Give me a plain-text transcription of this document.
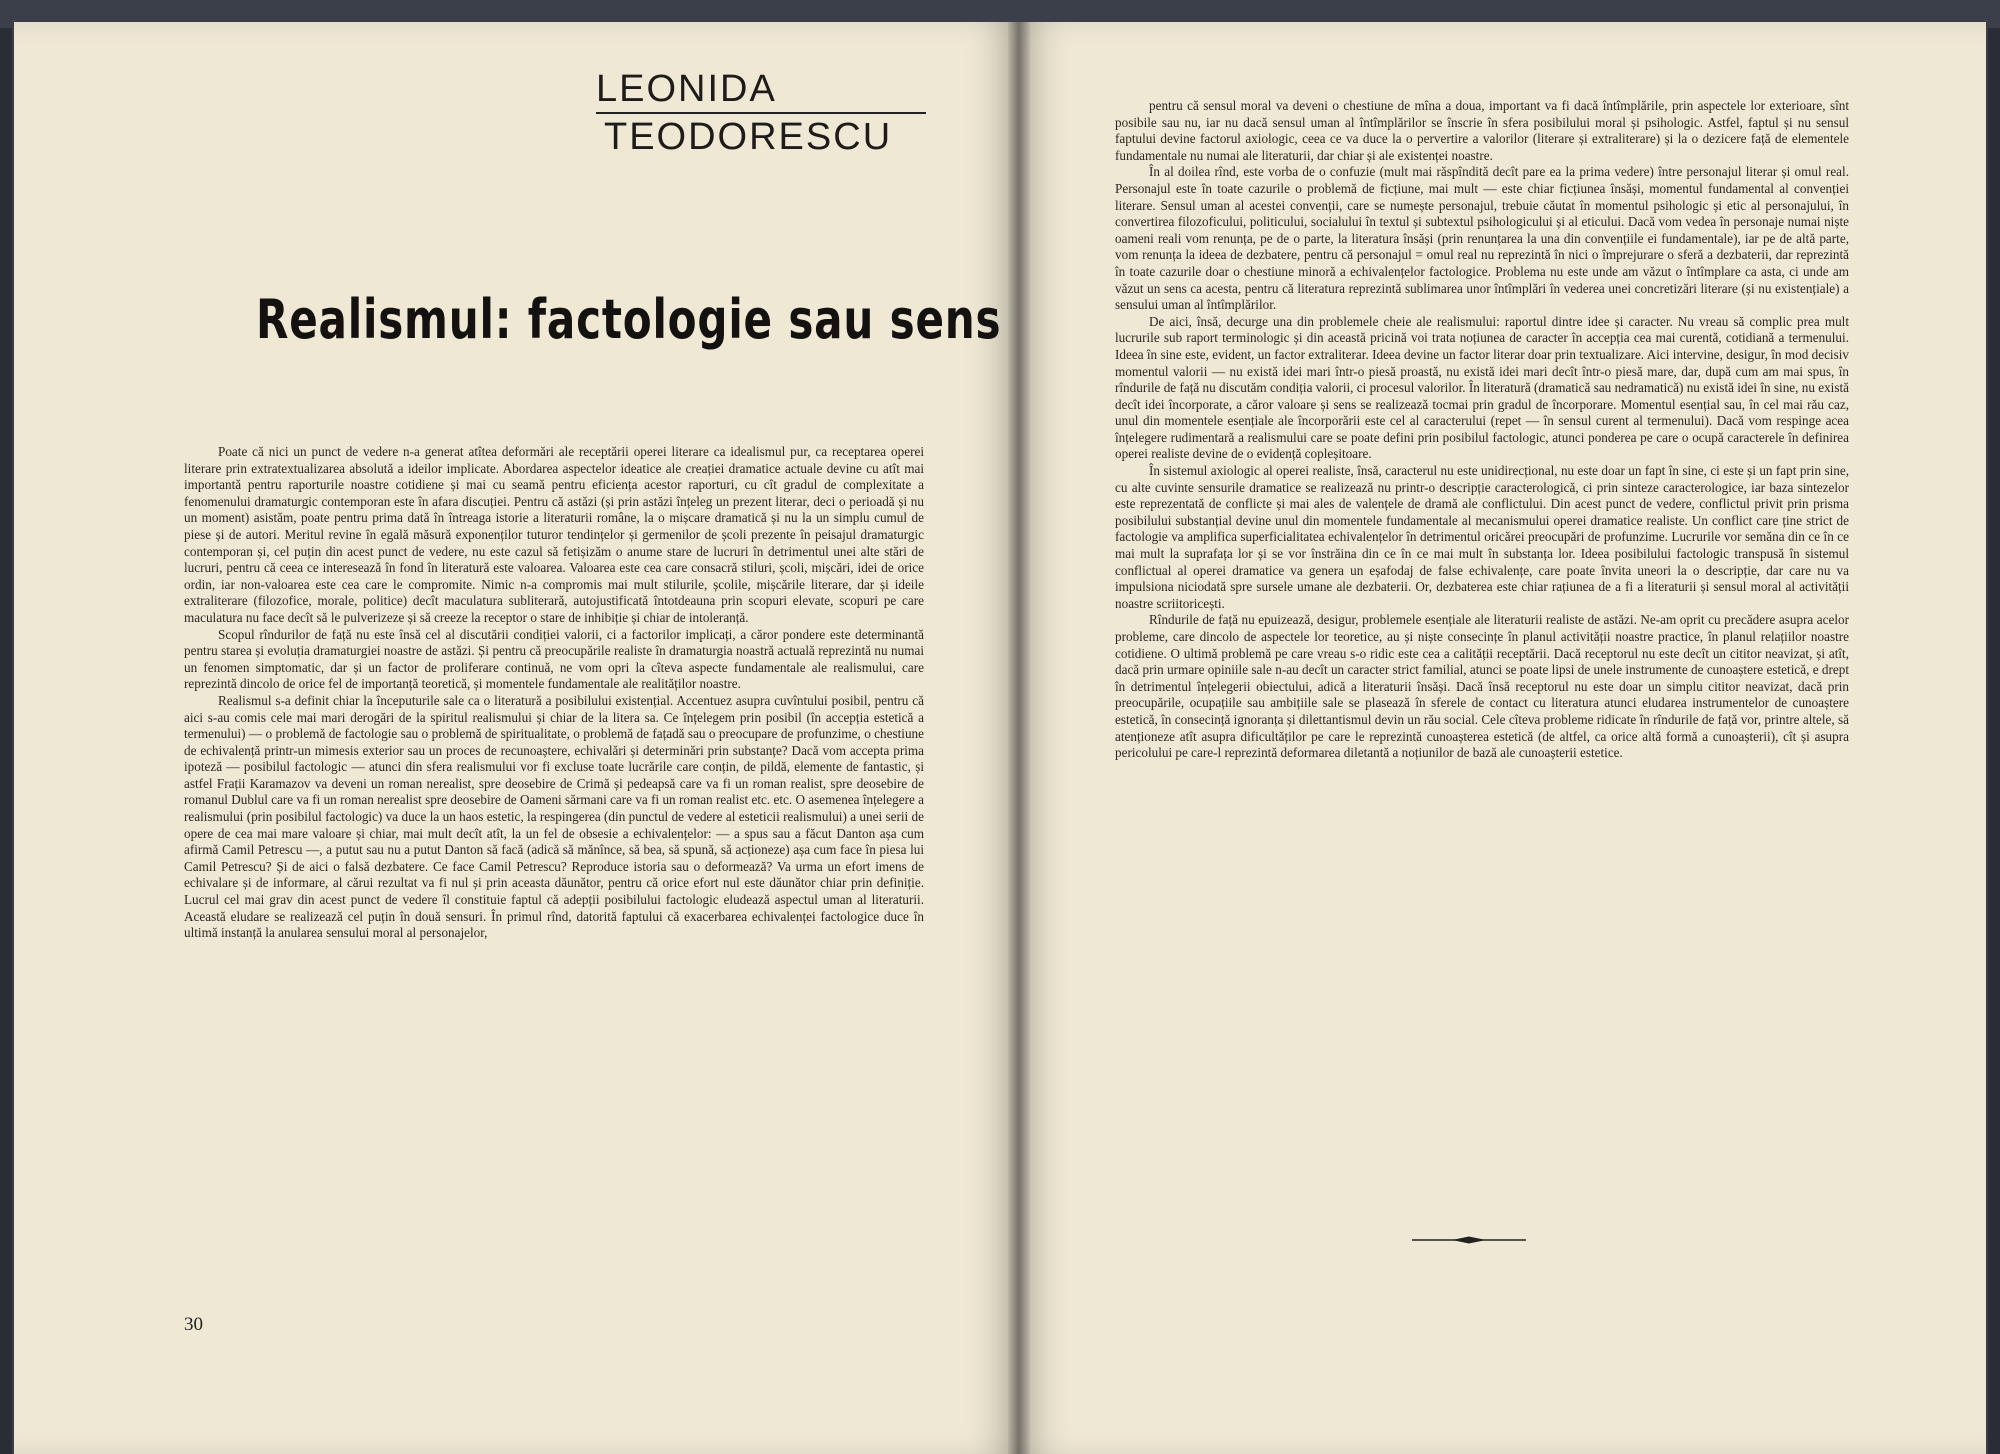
LEONIDA
TEODORESCU
Realismul: factologie sau sens

Poate că nici un punct de vedere n-a generat atîtea deformări ale receptării operei literare ca idealismul pur, ca receptarea operei literare prin extratextualizarea absolută a ideilor implicate. Abordarea aspectelor ideatice ale creației dramatice actuale devine cu atît mai importantă pentru raporturile noastre cotidiene și mai cu seamă pentru eficiența acestor raporturi, cu cît gradul de complexitate a fenomenului dramaturgic contemporan este în afara discuției. Pentru că astăzi (și prin astăzi înțeleg un prezent literar, deci o perioadă și nu un moment) asistăm, poate pentru prima dată în întreaga istorie a literaturii române, la o mișcare dramatică și nu la un simplu cumul de piese și de autori. Meritul revine în egală măsură exponenților tuturor tendințelor și germenilor de școli prezente în peisajul dramaturgic contemporan și, cel puțin din acest punct de vedere, nu este cazul să fetișizăm o anume stare de lucruri în detrimentul unei alte stări de lucruri, pentru că ceea ce interesează în fond în literatură este valoarea. Valoarea este cea care consacră stiluri, școli, mișcări, idei de orice ordin, iar non-valoarea este cea care le compromite. Nimic n-a compromis mai mult stilurile, școlile, mișcările literare, dar și ideile extraliterare (filozofice, morale, politice) decît maculatura subliterară, autojustificată întotdeauna prin scopuri elevate, scopuri pe care maculatura nu face decît să le pulverizeze și să creeze la receptor o stare de inhibiție și chiar de intoleranță.

Scopul rîndurilor de față nu este însă cel al discutării condiției valorii, ci a factorilor implicați, a căror pondere este determinantă pentru starea și evoluția dramaturgiei noastre de astăzi. Și pentru că preocupările realiste în dramaturgia noastră actuală reprezintă nu numai un fenomen simptomatic, dar și un factor de proliferare continuă, ne vom opri la cîteva aspecte fundamentale ale realismului, care reprezintă dincolo de orice fel de importanță teoretică, și momentele fundamentale ale realităților noastre.

Realismul s-a definit chiar la începuturile sale ca o literatură a posibilului existențial. Accentuez asupra cuvîntului posibil, pentru că aici s-au comis cele mai mari derogări de la spiritul realismului și chiar de la litera sa. Ce înțelegem prin posibil (în accepția estetică a termenului) — o problemă de factologie sau o problemă de spiritualitate, o problemă de fațadă sau o preocupare de profunzime, o chestiune de echivalență printr-un mimesis exterior sau un proces de recunoaștere, echivalări și determinări prin substanțe? Dacă vom accepta prima ipoteză — posibilul factologic — atunci din sfera realismului vor fi excluse toate lucrările care conțin, de pildă, elemente de fantastic, și astfel Frații Karamazov va deveni un roman nerealist, spre deosebire de Crimă și pedeapsă care va fi un roman realist, spre deosebire de romanul Dublul care va fi un roman nerealist spre deosebire de Oameni sărmani care va fi un roman realist etc. etc. O asemenea înțelegere a realismului (prin posibilul factologic) va duce la un haos estetic, la respingerea (din punctul de vedere al esteticii realismului) a unei serii de opere de cea mai mare valoare și chiar, mai mult decît atît, la un fel de obsesie a echivalențelor: — a spus sau a făcut Danton așa cum afirmă Camil Petrescu —, a putut sau nu a putut Danton să facă (adică să mănînce, să bea, să spună, să acționeze) așa cum face în piesa lui Camil Petrescu? Și de aici o falsă dezbatere. Ce face Camil Petrescu? Reproduce istoria sau o deformează? Va urma un efort imens de echivalare și de informare, al cărui rezultat va fi nul și prin aceasta dăunător, pentru că orice efort nul este dăunător chiar prin definiție. Lucrul cel mai grav din acest punct de vedere îl constituie faptul că adepții posibilului factologic eludează aspectul uman al literaturii. Această eludare se realizează cel puțin în două sensuri. În primul rînd, datorită faptului că exacerbarea echivalenței factologice duce în ultimă instanță la anularea sensului moral al personajelor,

pentru că sensul moral va deveni o chestiune de mîna a doua, important va fi dacă întîmplările, prin aspectele lor exterioare, sînt posibile sau nu, iar nu dacă sensul uman al întîmplărilor se înscrie în sfera posibilului moral și psihologic. Astfel, faptul și nu sensul faptului devine factorul axiologic, ceea ce va duce la o pervertire a valorilor (literare și extraliterare) și la o dezicere față de elementele fundamentale nu numai ale literaturii, dar chiar și ale existenței noastre.

În al doilea rînd, este vorba de o confuzie (mult mai răspîndită decît pare ea la prima vedere) între personajul literar și omul real. Personajul este în toate cazurile o problemă de ficțiune, mai mult — este chiar ficțiunea însăși, momentul fundamental al convenției literare. Sensul uman al acestei convenții, care se numește personajul, trebuie căutat în momentul psihologic și etic al personajului, în convertirea filozoficului, politicului, socialului în textul și subtextul psihologicului și al eticului. Dacă vom vedea în personaje numai niște oameni reali vom renunța, pe de o parte, la literatura însăși (prin renunțarea la una din convențiile ei fundamentale), iar pe de altă parte, vom renunța la ideea de dezbatere, pentru că personajul = omul real nu reprezintă în nici o împrejurare o sferă a dezbaterii, dar reprezintă în toate cazurile doar o chestiune minoră a echivalențelor factologice. Problema nu este unde am văzut o întîmplare ca asta, ci unde am văzut un sens ca acesta, pentru că literatura reprezintă sublimarea unor întîmplări în vederea unei concretizări literare (și nu existențiale) a sensului uman al întîmplărilor.

De aici, însă, decurge una din problemele cheie ale realismului: raportul dintre idee și caracter. Nu vreau să complic prea mult lucrurile sub raport terminologic și din această pricină voi trata noțiunea de caracter în accepția cea mai curentă, cotidiană a termenului. Ideea în sine este, evident, un factor extraliterar. Ideea devine un factor literar doar prin textualizare. Aici intervine, desigur, în mod decisiv momentul valorii — nu există idei mari într-o piesă proastă, nu există idei mari decît într-o piesă mare, dar, după cum am mai spus, în rîndurile de față nu discutăm condiția valorii, ci procesul valorilor. În literatură (dramatică sau nedramatică) nu există idei în sine, nu există decît idei încorporate, a căror valoare și sens se realizează tocmai prin gradul de încorporare. Momentul esențial sau, în cel mai rău caz, unul din momentele esențiale ale încorporării este cel al caracterului (repet — în sensul curent al termenului). Dacă vom respinge acea înțelegere rudimentară a realismului care se poate defini prin posibilul factologic, atunci ponderea pe care o ocupă caracterele în definirea operei realiste devine de o evidență copleșitoare.

În sistemul axiologic al operei realiste, însă, caracterul nu este unidirecțional, nu este doar un fapt în sine, ci este și un fapt prin sine, cu alte cuvinte sensurile dramatice se realizează nu printr-o descripție caracterologică, ci prin sinteze caracterologice, iar baza sintezelor este reprezentată de conflicte și mai ales de valențele de dramă ale conflictului. Din acest punct de vedere, conflictul privit prin prisma posibilului substanțial devine unul din momentele fundamentale al mecanismului operei dramatice realiste. Un conflict care ține strict de factologie va amplifica superficialitatea echivalențelor în detrimentul oricărei preocupări de profunzime. Lucrurile vor semăna din ce în ce mai mult la suprafața lor și se vor înstrăina din ce în ce mai mult în substanța lor. Ideea posibilului factologic transpusă în sistemul conflictual al operei dramatice va genera un eșafodaj de false echivalențe, care poate învita uneori la o descripție, dar care nu va impulsiona niciodată spre sursele umane ale dezbaterii. Or, dezbaterea este chiar rațiunea de a fi a literaturii și sensul moral al activității noastre scriitoricești.

Rîndurile de față nu epuizează, desigur, problemele esențiale ale literaturii realiste de astăzi. Ne-am oprit cu precădere asupra acelor probleme, care dincolo de aspectele lor teoretice, au și niște consecințe în planul activității noastre practice, în planul relațiilor noastre cotidiene. O ultimă problemă pe care vreau s-o ridic este cea a calității receptării. Dacă receptorul nu este decît un cititor neavizat, și atît, dacă prin urmare opiniile sale n-au decît un caracter strict familial, atunci se poate lipsi de unele instrumente de cunoaștere estetică, e drept în detrimentul înțelegerii obiectului, adică a literaturii însăși. Dacă însă receptorul nu este doar un simplu cititor neavizat, dacă prin preocupările, ocupațiile sau ambițiile sale se plasează în sferele de contact cu literatura atunci eludarea instrumentelor de cunoaștere estetică, în consecință ignoranța și dilettantismul devin un rău social. Cele cîteva probleme ridicate în rîndurile de față vor, printre altele, să atenționeze atît asupra dificultăților pe care le reprezintă cunoașterea estetică (de altfel, ca orice altă formă a cunoașterii), cît și asupra pericolului pe care-l reprezintă deformarea diletantă a noțiunilor de bază ale cunoașterii estetice.

30
